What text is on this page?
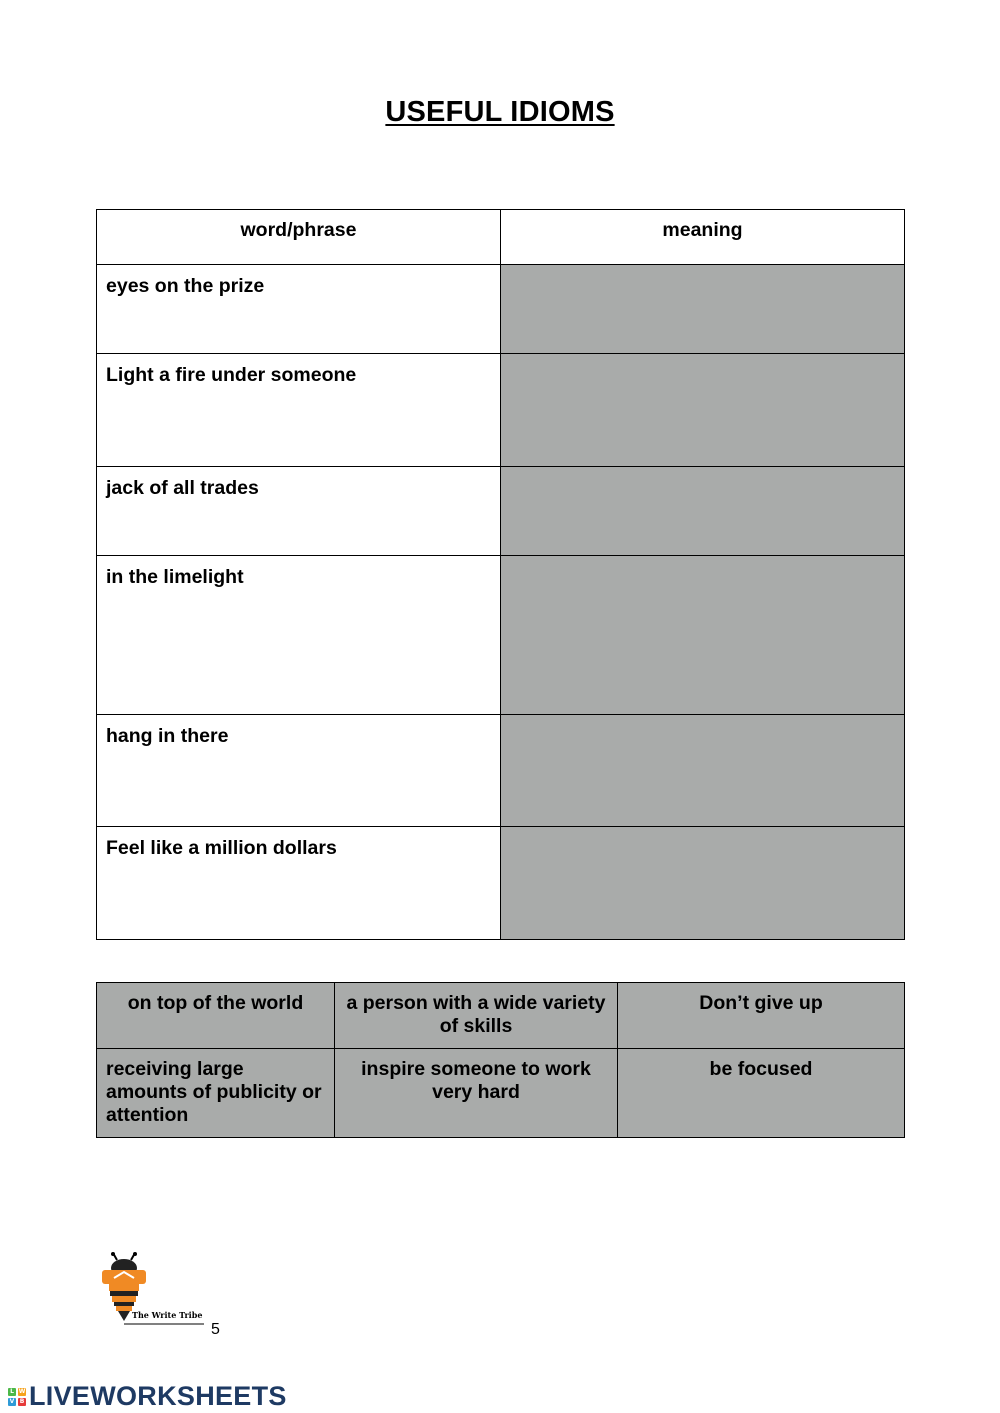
USEFUL IDIOMS
word/phrase	meaning
eyes on the prize	
Light a fire under someone	
jack of all trades	
in the limelight	
hang in there	
Feel like a million dollars	
on top of the world	a person with a wide variety of skills	Don’t give up
receiving large amounts of publicity or attention	inspire someone to work very hard	be focused
The Write Tribe
5
L W
V B LIVEWORKSHEETS
